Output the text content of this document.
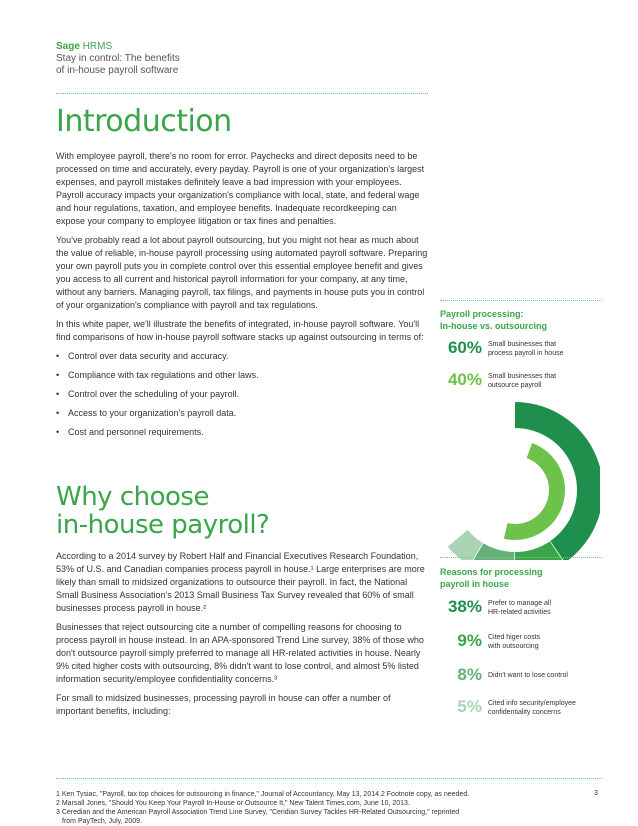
Sage HRMS
Stay in control: The benefits
of in-house payroll software
Introduction

With employee payroll, there's no room for error. Paychecks and direct deposits need to be processed on time and accurately, every payday. Payroll is one of your organization's largest expenses, and payroll mistakes definitely leave a bad impression with your employees. Payroll accuracy impacts your organization's compliance with local, state, and federal wage and hour regulations, taxation, and employee benefits. Inadequate recordkeeping can expose your company to employee litigation or tax fines and penalties.

You've probably read a lot about payroll outsourcing, but you might not hear as much about the value of reliable, in-house payroll processing using automated payroll software. Preparing your own payroll puts you in complete control over this essential employee benefit and gives you access to all current and historical payroll information for your company, at any time, without any barriers. Managing payroll, tax filings, and payments in house puts you in control of your organization's compliance with payroll and tax regulations.

In this white paper, we'll illustrate the benefits of integrated, in-house payroll software. You'll find comparisons of how in-house payroll software stacks up against outsourcing in terms of:

• Control over data security and accuracy.
• Compliance with tax regulations and other laws.
• Control over the scheduling of your payroll.
• Access to your organization's payroll data.
• Cost and personnel requirements.
Why choose
in-house payroll?

According to a 2014 survey by Robert Half and Financial Executives Research Foundation, 53% of U.S. and Canadian companies process payroll in house.¹ Large enterprises are more likely than small to midsized organizations to outsource their payroll. In fact, the National Small Business Association's 2013 Small Business Tax Survey revealed that 60% of small businesses process payroll in house.²

Businesses that reject outsourcing cite a number of compelling reasons for choosing to process payroll in house instead. In an APA-sponsored Trend Line survey, 38% of those who don't outsource payroll simply preferred to manage all HR-related activities in house. Nearly 9% cited higher costs with outsourcing, 8% didn't want to lose control, and almost 5% listed information security/employee confidentiality concerns.³

For small to midsized businesses, processing payroll in house can offer a number of important benefits, including:

Payroll processing:
In-house vs. outsourcing
60% Small businesses that
process payroll in house
40% Small businesses that
outsource payroll
Reasons for processing
payroll in house
38% Prefer to manage all
HR-related activities
9% Cited higer costs
with outsourcing
8% Didn't want to lose control
5% Cited info security/employee
confidentiality concerns
1 Ken Tysiac, "Payroll, tax top choices for outsourcing in finance," Journal of Accountancy, May 13, 2014.2 Footnote copy, as needed.
2 Marsall Jones, "Should You Keep Your Payroll In-House or Outsource It," New Talent Times.com, June 10, 2013.
3 Ceredian and the American Payroll Association Trend Line Survey, "Ceridian Survey Tackles HR-Related Outsourcing," reprinted
from PayTech, July, 2009.
3
